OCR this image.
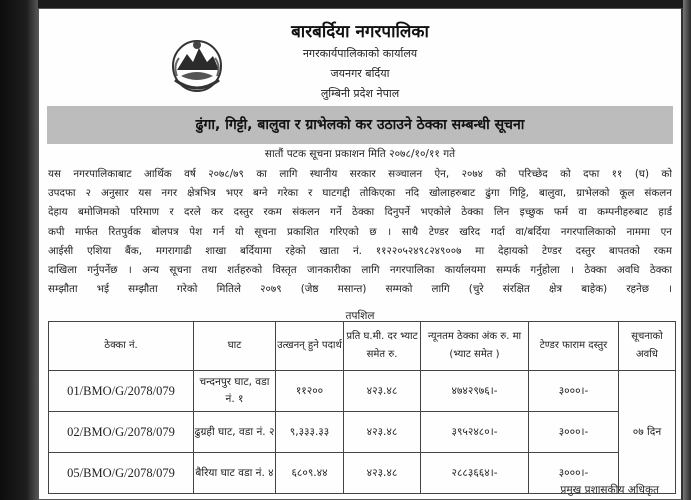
बारबर्दिया नगरपालिका
नगरकार्यपालिकाको कार्यालय
जयनगर बर्दिया
लुम्बिनी प्रदेश नेपाल
ढुंगा, गिट्टी, बालुवा र ग्राभेलको कर उठाउने ठेक्का सम्बन्धी सूचना
सातौं पटक सूचना प्रकाशन मिति २०७८/१०/११ गते
यस नगरपालिकाबाट आर्थिक वर्ष २०७८/७९ का लागि स्थानीय सरकार सञ्चालन ऐन, २०७४ को परिच्छेद को दफा ११ (घ) को
उपदफा २ अनुसार यस नगर क्षेत्रभित्र भएर बग्ने गरेका र घाटगद्दी तोकिएका नदि खोलाहरुबाट ढुंगा गिट्टि, बालुवा, ग्राभेलको कूल संकलन
देहाय बमोजिमको परिमाण र दरले कर दस्तुर रकम संकलन गर्ने ठेक्का दिनुपर्ने भएकोले ठेक्का लिन इच्छुक फर्म वा कम्पनीहरुबाट हार्ड
कपी मार्फत रितपुर्वक बोलपत्र पेश गर्न यो सूचना प्रकाशित गरिएको छ । साथै टेण्डर खरिद गर्दा वा/बर्दिया नगरपालिकाको नाममा एन
आईसी एशिया बैंक, मगरागाढी शाखा बर्दियामा रहेको खाता नं. ११२२०५२४९८२४९००७ मा देहायको टेण्डर दस्तुर बापतको रकम
दाखिला गर्नुपर्नेछ । अन्य सूचना तथा शर्तहरुको विस्तृत जानकारीका लागि नगरपालिका कार्यालयमा सम्पर्क गर्नुहोला । ठेक्का अवधि ठेक्का
सम्झौता भई सम्झौता गरेको मितिले २०७९ (जेष्ठ मसान्त) सम्मको लागि (चुरे संरक्षित क्षेत्र बाहेक) रहनेछ ।
तपशिल
ठेक्का नं.	घाट	उत्खनन् हुने पदार्थ	प्रति घ.मी. दर भ्याट समेत रु.	न्यूनतम ठेक्का अंक रु. मा (भ्याट समेत )	टेण्डर फाराम दस्तुर	सूचनाको अवधि
01/BMO/G/2078/079	चन्दनपुर घाट, वडा नं. १	११२००	४२३.४८	४७४२९७६।-	३०००।-	०७ दिन
02/BMO/G/2078/079	ढुग्रही घाट, वडा नं. २	९,३३३.३३	४२३.४८	३९५२४८०।-	३०००।-	
05/BMO/G/2078/079	बैरिया घाट वडा नं. ४	६८०९.४४	४२३.४८	२८८३६६४।-	३०००।-	
प्रमुख प्रशासकीय अधिकृत
